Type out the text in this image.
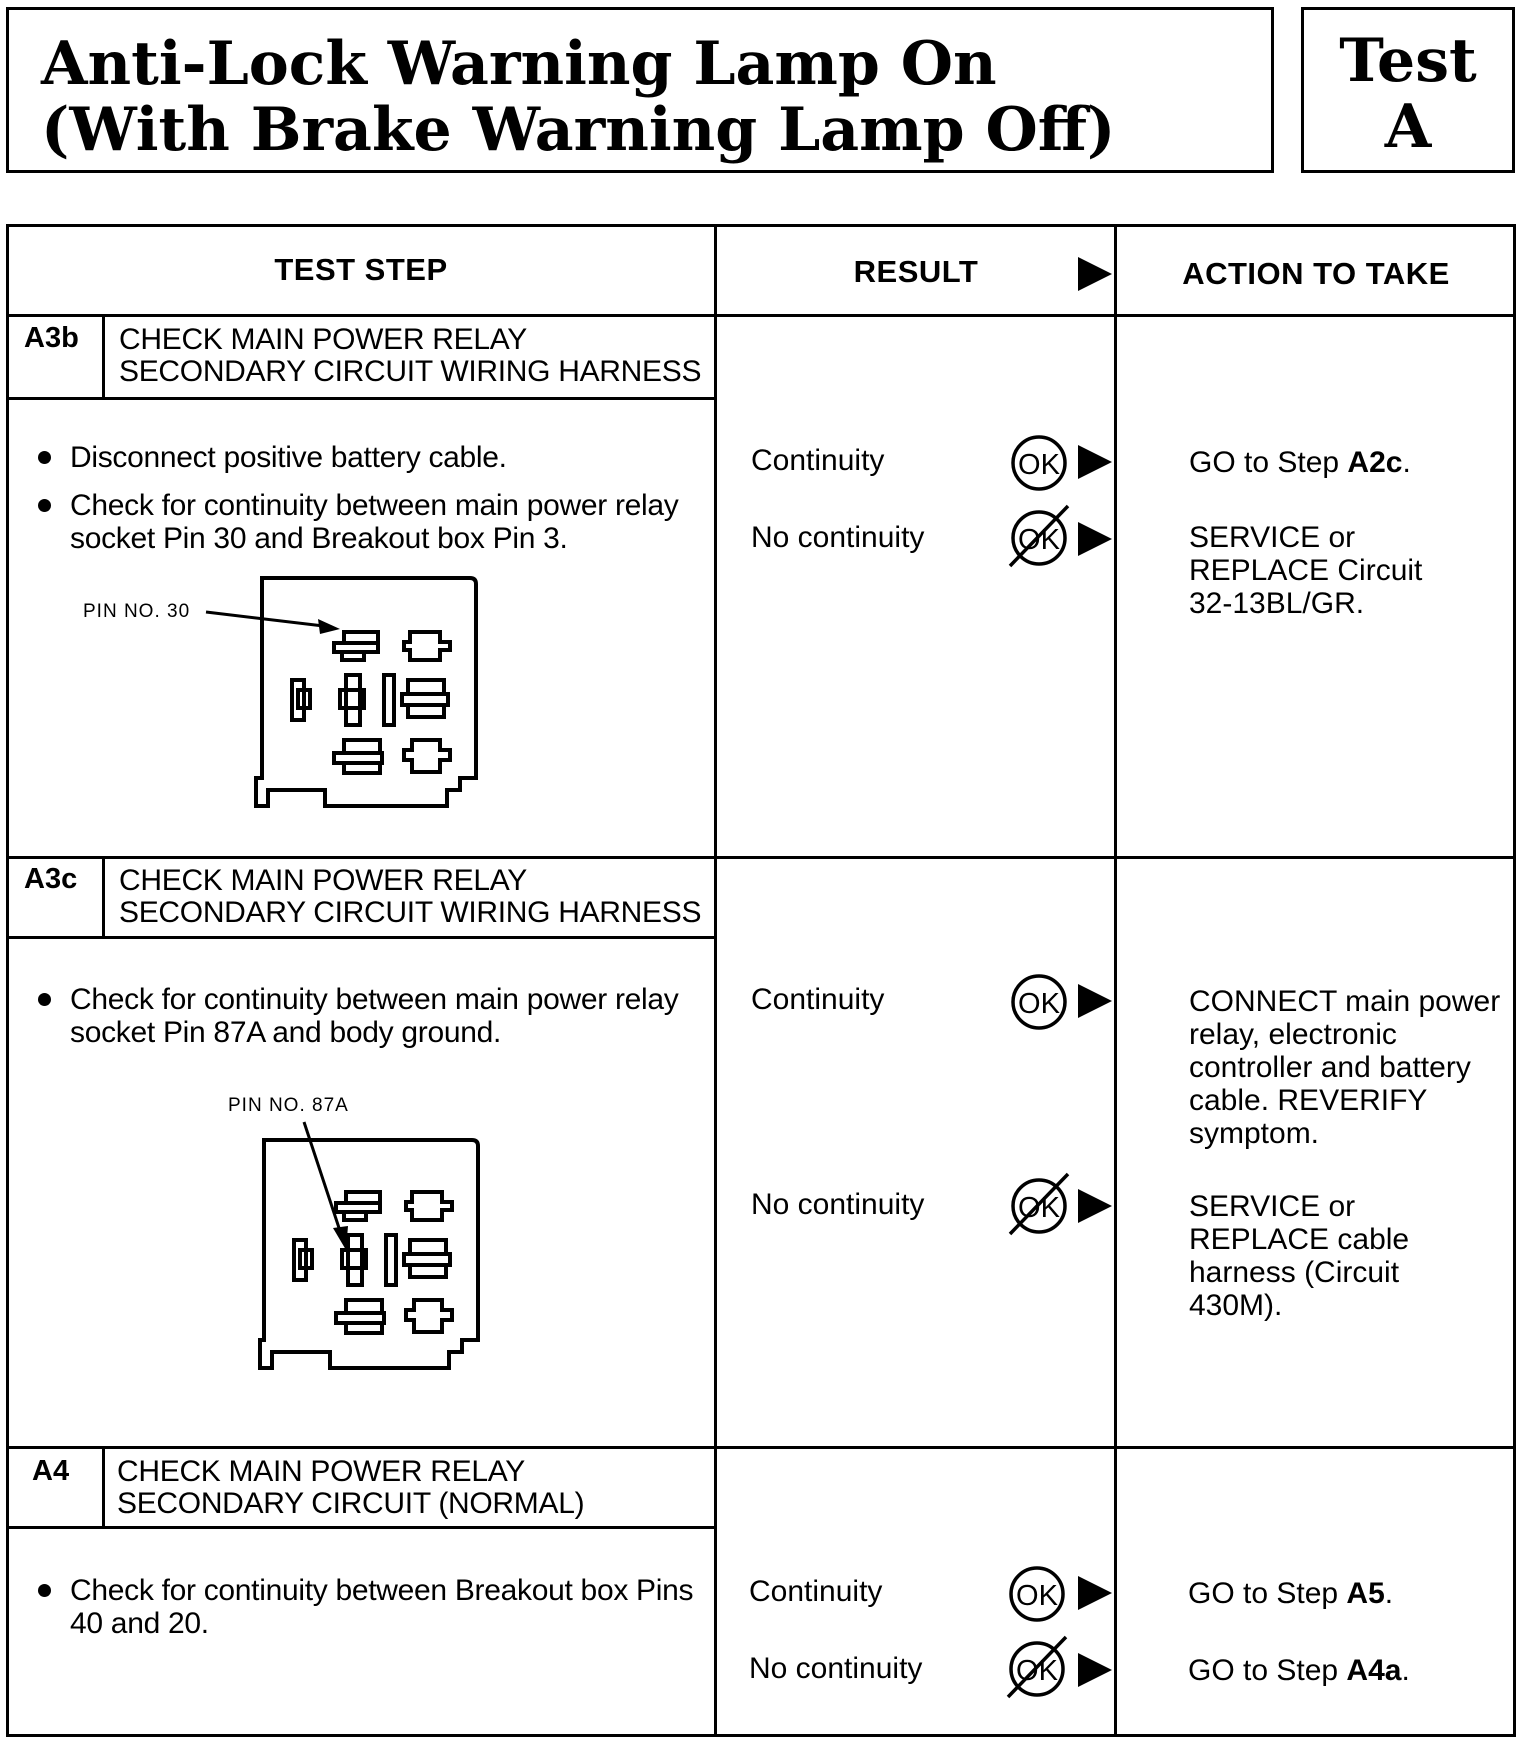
Anti-Lock Warning Lamp On
(With Brake Warning Lamp Off)
Test
A
TEST STEP	RESULT	ACTION TO TAKE
A3b CHECK MAIN POWER RELAY
SECONDARY CIRCUIT WIRING HARNESS
Disconnect positive battery cable.
Check for continuity between main power relay socket Pin 30 and Breakout box Pin 3.
PIN NO. 30
Continuity	OK	GO to Step A2c.
No continuity	OK	SERVICE or REPLACE Circuit 32-13BL/GR.
A3c CHECK MAIN POWER RELAY
SECONDARY CIRCUIT WIRING HARNESS
Check for continuity between main power relay socket Pin 87A and body ground.
PIN NO. 87A
Continuity	OK	CONNECT main power relay, electronic controller and battery cable. REVERIFY symptom.
No continuity	OK	SERVICE or REPLACE cable harness (Circuit 430M).
A4 CHECK MAIN POWER RELAY
SECONDARY CIRCUIT (NORMAL)
Check for continuity between Breakout box Pins 40 and 20.
Continuity	OK	GO to Step A5.
No continuity	OK	GO to Step A4a.
